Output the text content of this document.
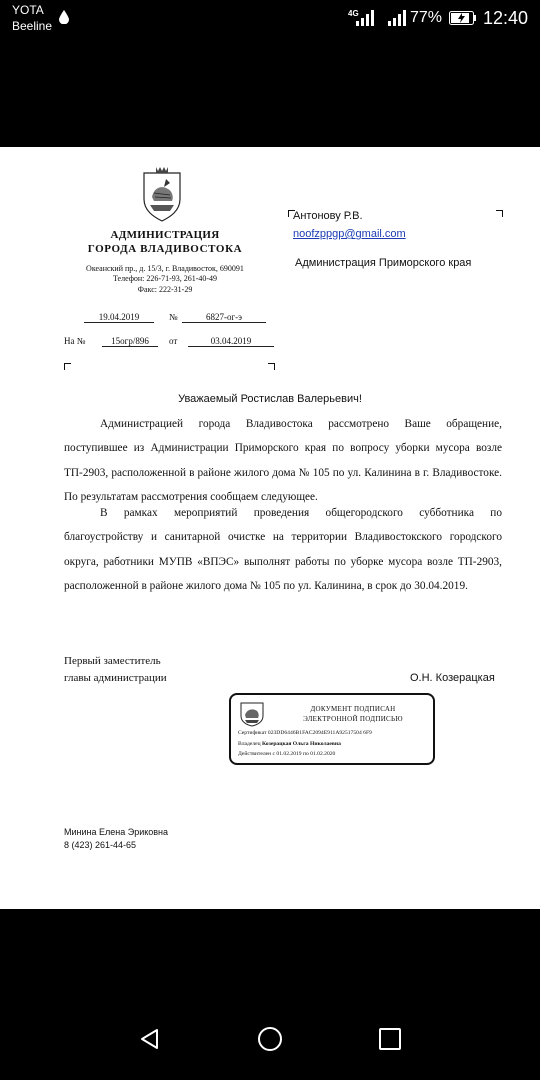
YOTA
Beeline
4G	77% 12:40
АДМИНИСТРАЦИЯ
ГОРОДА ВЛАДИВОСТОКА
Океанский пр., д. 15/3, г. Владивосток, 690091
Телефон: 226-71-93, 261-40-49
Факс: 222-31-29
19.04.2019	№	6827-ог-э
На №	15огр/896	от	03.04.2019
Антонову Р.В.
noofzppgp@gmail.com
Администрация Приморского края
Уважаемый Ростислав Валерьевич!

Администрацией города Владивостока рассмотрено Ваше обращение, поступившее из Администрации Приморского края по вопросу уборки мусора возле ТП-2903, расположенной в районе жилого дома № 105 по ул. Калинина в г. Владивостоке. По результатам рассмотрения сообщаем следующее.

В рамках мероприятий проведения общегородского субботника по благоустройству и санитарной очистке на территории Владивостокского городского округа, работники МУПВ «ВПЭС» выполнят работы по уборке мусора возле ТП-2903, расположенной в районе жилого дома № 105 по ул. Калинина, в срок до 30.04.2019.

Первый заместитель
главы администрации	О.Н. Козерацкая
ДОКУМЕНТ ПОДПИСАН
ЭЛЕКТРОННОЙ ПОДПИСЬЮ
Сертификат 023DD6446B1FAC2094E911A92517504 6F9
Владелец Козерацкая Ольга Николаевна
Действителен с 01.02.2019 по 01.02.2020
Минина Елена Эриковна
8 (423) 261-44-65
